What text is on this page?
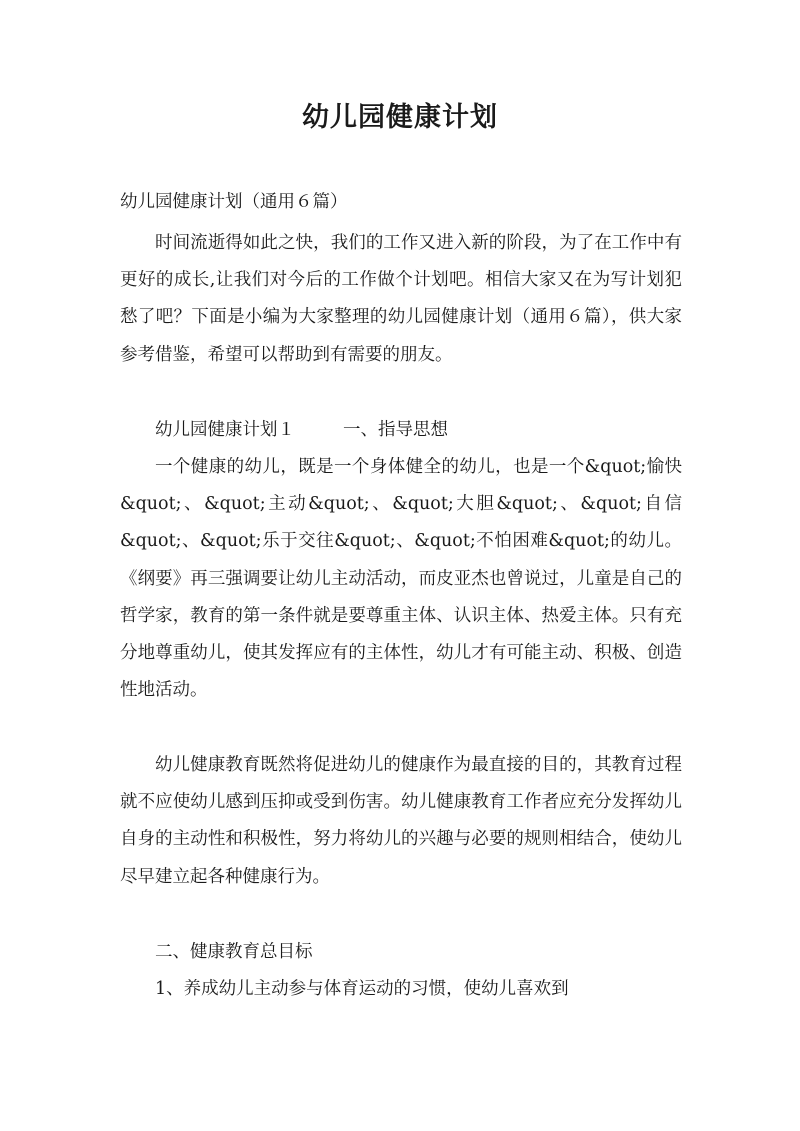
幼儿园健康计划
幼儿园健康计划（通用６篇）

时间流逝得如此之快，我们的工作又进入新的阶段，为了在工作中有更好的成长,让我们对今后的工作做个计划吧。相信大家又在为写计划犯愁了吧？下面是小编为大家整理的幼儿园健康计划（通用６篇），供大家参考借鉴，希望可以帮助到有需要的朋友。

幼儿园健康计划１	一、指导思想

一个健康的幼儿，既是一个身体健全的幼儿，也是一个&quot;愉快&quot;、&quot;主动&quot;、&quot;大胆&quot;、&quot;自信&quot;、&quot;乐于交往&quot;、&quot;不怕困难&quot;的幼儿。《纲要》再三强调要让幼儿主动活动，而皮亚杰也曾说过，儿童是自己的哲学家，教育的第一条件就是要尊重主体、认识主体、热爱主体。只有充分地尊重幼儿，使其发挥应有的主体性，幼儿才有可能主动、积极、创造性地活动。

幼儿健康教育既然将促进幼儿的健康作为最直接的目的，其教育过程就不应使幼儿感到压抑或受到伤害。幼儿健康教育工作者应充分发挥幼儿自身的主动性和积极性，努力将幼儿的兴趣与必要的规则相结合，使幼儿尽早建立起各种健康行为。

二、健康教育总目标

1、养成幼儿主动参与体育运动的习惯，使幼儿喜欢到
